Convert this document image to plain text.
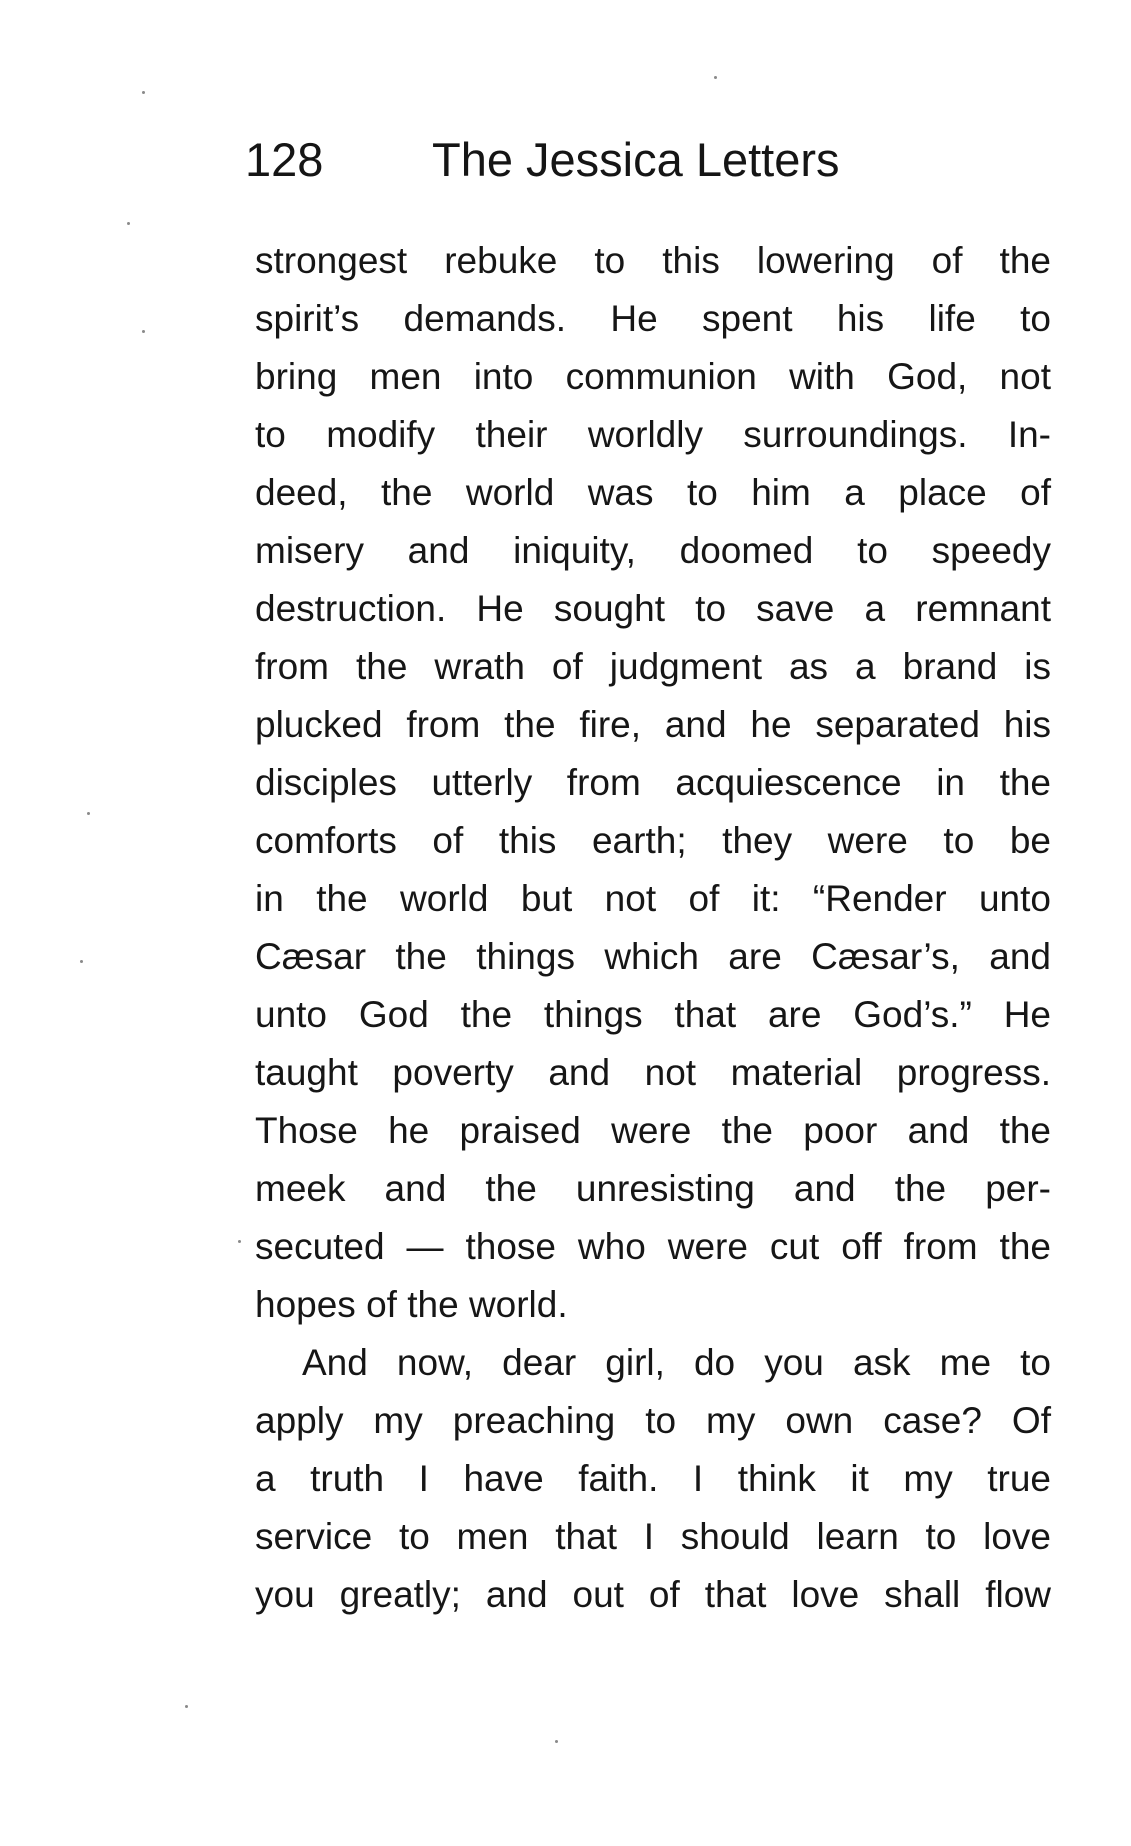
128 The Jessica Letters
strongest rebuke to this lowering of the
spirit’s demands. He spent his life to
bring men into communion with God, not
to modify their worldly surroundings. In-
deed, the world was to him a place of
misery and iniquity, doomed to speedy
destruction. He sought to save a remnant
from the wrath of judgment as a brand is
plucked from the fire, and he separated his
disciples utterly from acquiescence in the
comforts of this earth; they were to be
in the world but not of it: “Render unto
Cæsar the things which are Cæsar’s, and
unto God the things that are God’s.” He
taught poverty and not material progress.
Those he praised were the poor and the
meek and the unresisting and the per-
secuted — those who were cut off from the
hopes of the world.
And now, dear girl, do you ask me to
apply my preaching to my own case? Of
a truth I have faith. I think it my true
service to men that I should learn to love
you greatly; and out of that love shall flow
